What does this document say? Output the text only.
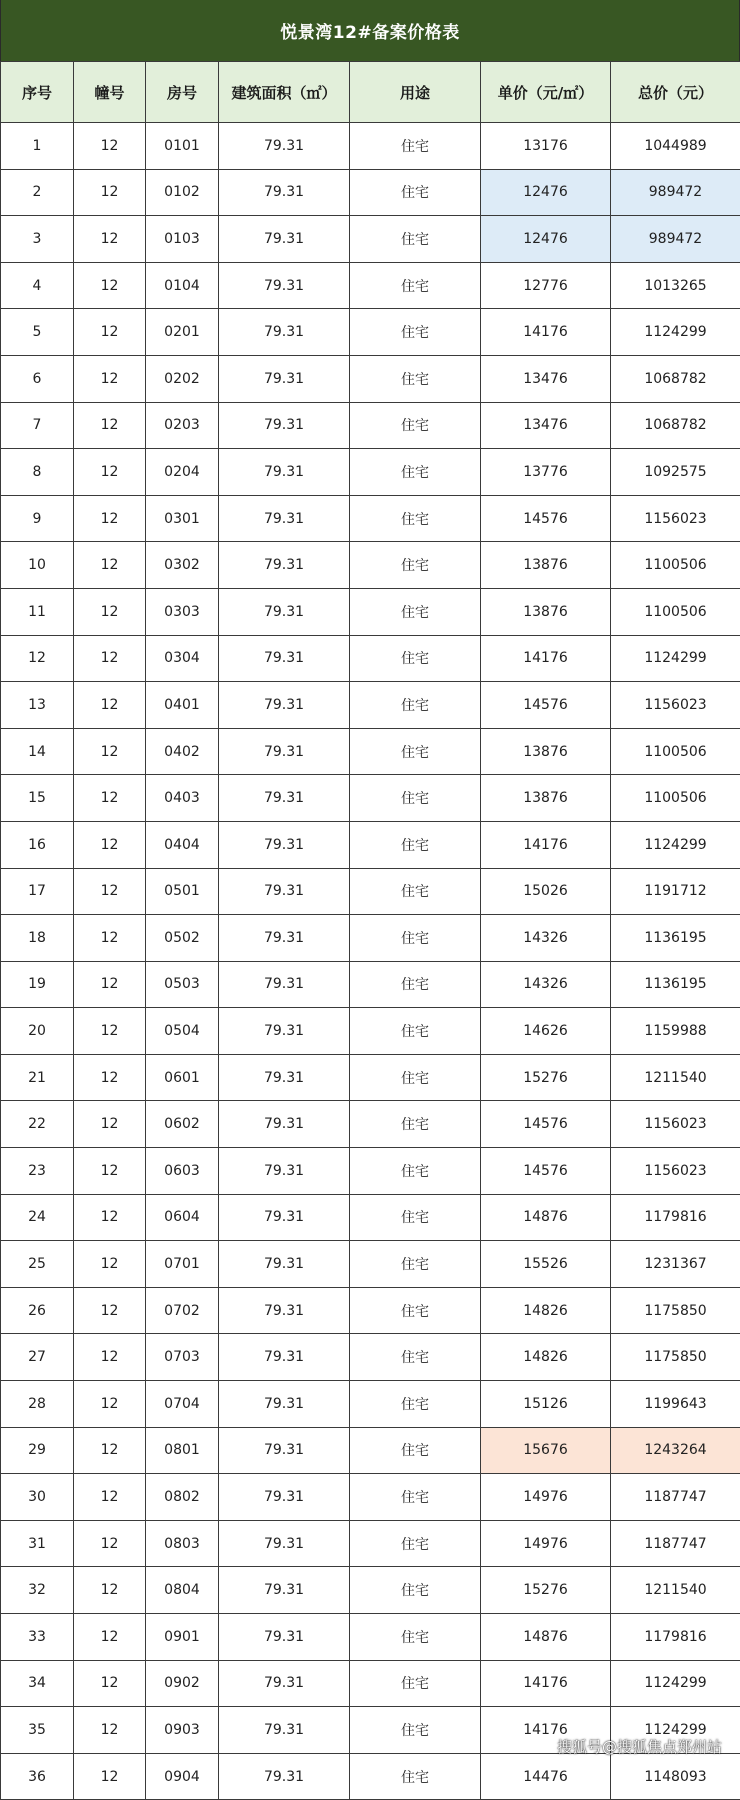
悦景湾12#备案价格表
序号	幢号	房号	建筑面积（㎡）	用途	单价（元/㎡）	总价（元）
1	12	0101	79.31	住宅	13176	1044989
2	12	0102	79.31	住宅	12476	989472
3	12	0103	79.31	住宅	12476	989472
4	12	0104	79.31	住宅	12776	1013265
5	12	0201	79.31	住宅	14176	1124299
6	12	0202	79.31	住宅	13476	1068782
7	12	0203	79.31	住宅	13476	1068782
8	12	0204	79.31	住宅	13776	1092575
9	12	0301	79.31	住宅	14576	1156023
10	12	0302	79.31	住宅	13876	1100506
11	12	0303	79.31	住宅	13876	1100506
12	12	0304	79.31	住宅	14176	1124299
13	12	0401	79.31	住宅	14576	1156023
14	12	0402	79.31	住宅	13876	1100506
15	12	0403	79.31	住宅	13876	1100506
16	12	0404	79.31	住宅	14176	1124299
17	12	0501	79.31	住宅	15026	1191712
18	12	0502	79.31	住宅	14326	1136195
19	12	0503	79.31	住宅	14326	1136195
20	12	0504	79.31	住宅	14626	1159988
21	12	0601	79.31	住宅	15276	1211540
22	12	0602	79.31	住宅	14576	1156023
23	12	0603	79.31	住宅	14576	1156023
24	12	0604	79.31	住宅	14876	1179816
25	12	0701	79.31	住宅	15526	1231367
26	12	0702	79.31	住宅	14826	1175850
27	12	0703	79.31	住宅	14826	1175850
28	12	0704	79.31	住宅	15126	1199643
29	12	0801	79.31	住宅	15676	1243264
30	12	0802	79.31	住宅	14976	1187747
31	12	0803	79.31	住宅	14976	1187747
32	12	0804	79.31	住宅	15276	1211540
33	12	0901	79.31	住宅	14876	1179816
34	12	0902	79.31	住宅	14176	1124299
35	12	0903	79.31	住宅	14176	1124299
36	12	0904	79.31	住宅	14476	1148093
搜狐号@搜狐焦点郑州站
